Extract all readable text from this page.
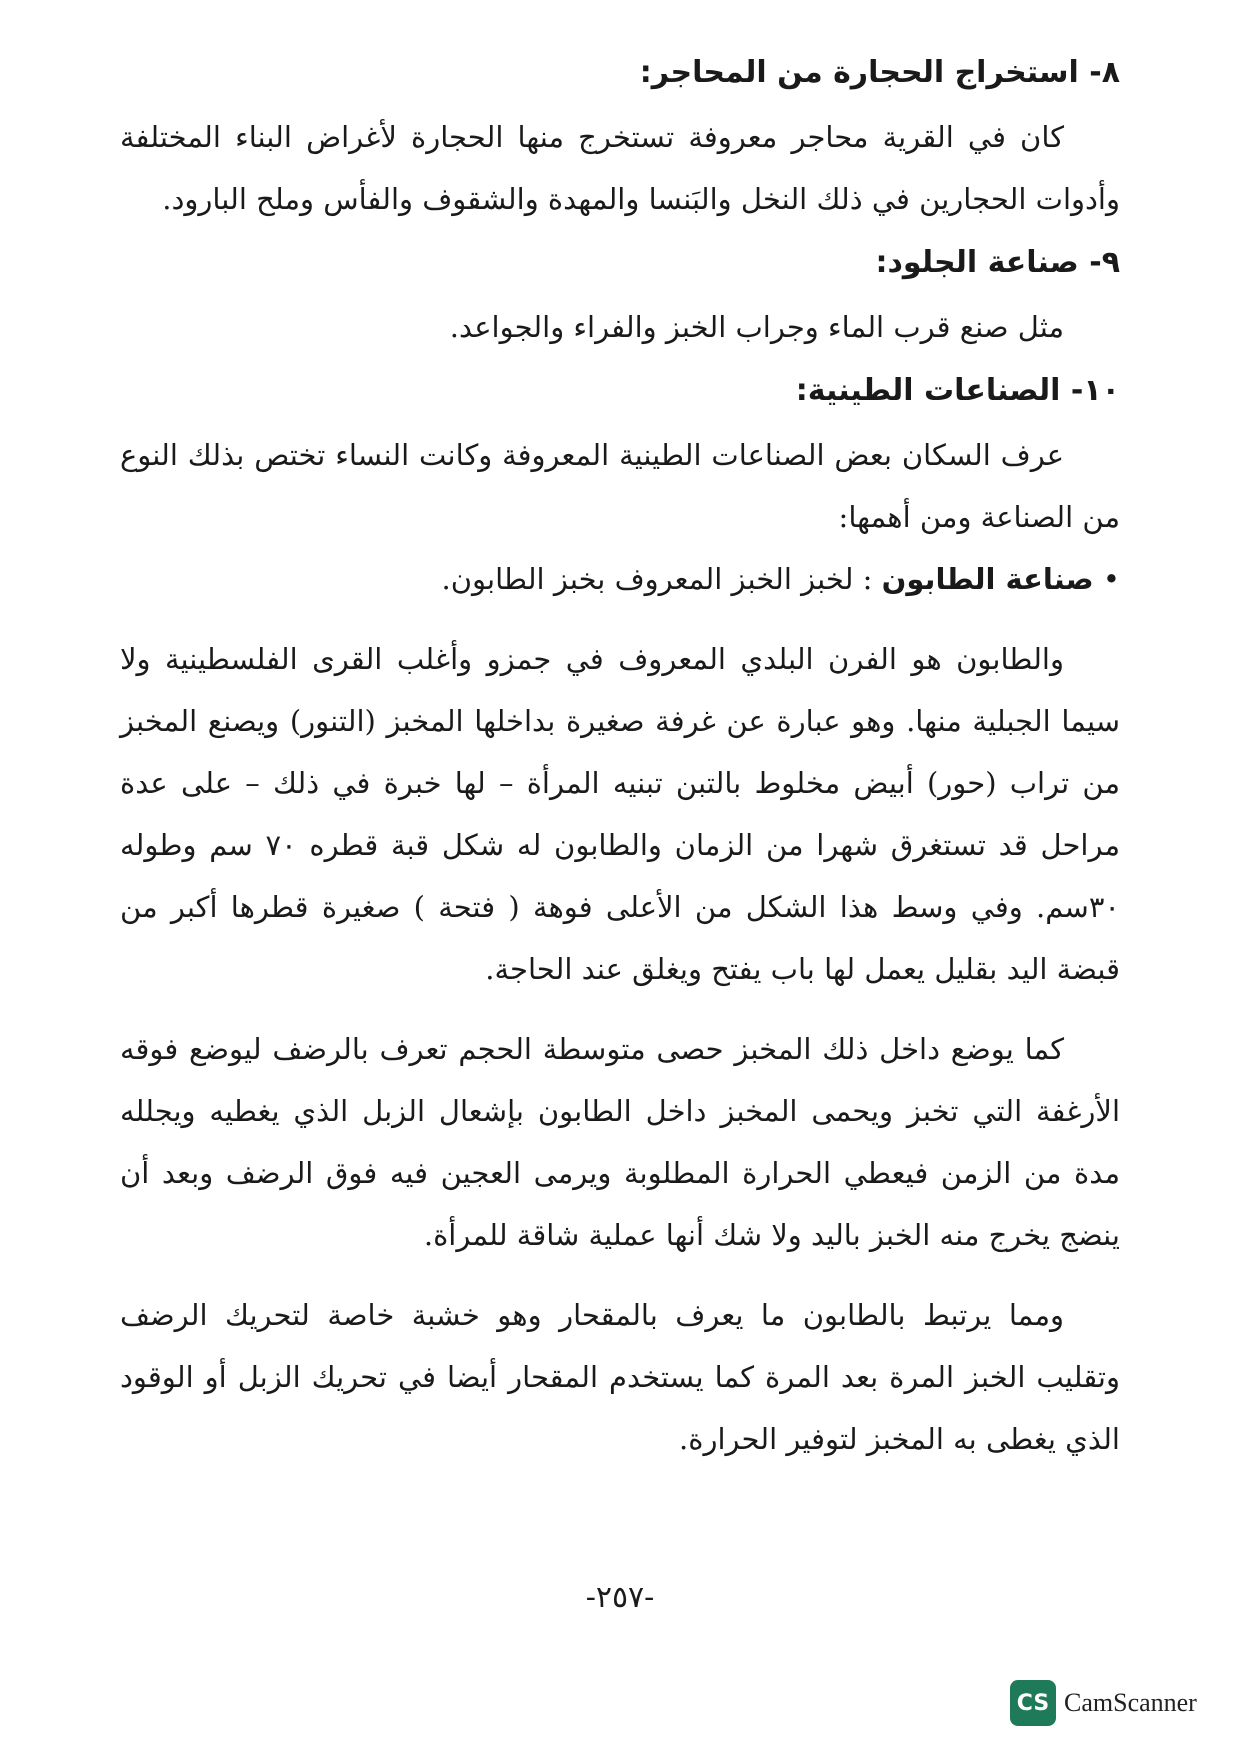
٨- استخراج الحجارة من المحاجر:

كان في القرية محاجر معروفة تستخرج منها الحجارة لأغراض البناء المختلفة وأدوات الحجارين في ذلك النخل والبَنسا والمهدة والشقوف والفأس وملح البارود.

٩- صناعة الجلود:

مثل صنع قرب الماء وجراب الخبز والفراء والجواعد.

١٠- الصناعات الطينية:

عرف السكان بعض الصناعات الطينية المعروفة وكانت النساء تختص بذلك النوع من الصناعة ومن أهمها:

• صناعة الطابون : لخبز الخبز المعروف بخبز الطابون.

والطابون هو الفرن البلدي المعروف في جمزو وأغلب القرى الفلسطينية ولا سيما الجبلية منها. وهو عبارة عن غرفة صغيرة بداخلها المخبز (التنور) ويصنع المخبز من تراب (حور) أبيض مخلوط بالتبن تبنيه المرأة – لها خبرة في ذلك – على عدة مراحل قد تستغرق شهرا من الزمان والطابون له شكل قبة قطره ٧٠ سم وطوله ٣٠سم. وفي وسط هذا الشكل من الأعلى فوهة ( فتحة ) صغيرة قطرها أكبر من قبضة اليد بقليل يعمل لها باب يفتح ويغلق عند الحاجة.

كما يوضع داخل ذلك المخبز حصى متوسطة الحجم تعرف بالرضف ليوضع فوقه الأرغفة التي تخبز ويحمى المخبز داخل الطابون بإشعال الزبل الذي يغطيه ويجلله مدة من الزمن فيعطي الحرارة المطلوبة ويرمى العجين فيه فوق الرضف وبعد أن ينضج يخرج منه الخبز باليد ولا شك أنها عملية شاقة للمرأة.

ومما يرتبط بالطابون ما يعرف بالمقحار وهو خشبة خاصة لتحريك الرضف وتقليب الخبز المرة بعد المرة كما يستخدم المقحار أيضا في تحريك الزبل أو الوقود الذي يغطى به المخبز لتوفير الحرارة.

-٢٥٧-
CS CamScanner
